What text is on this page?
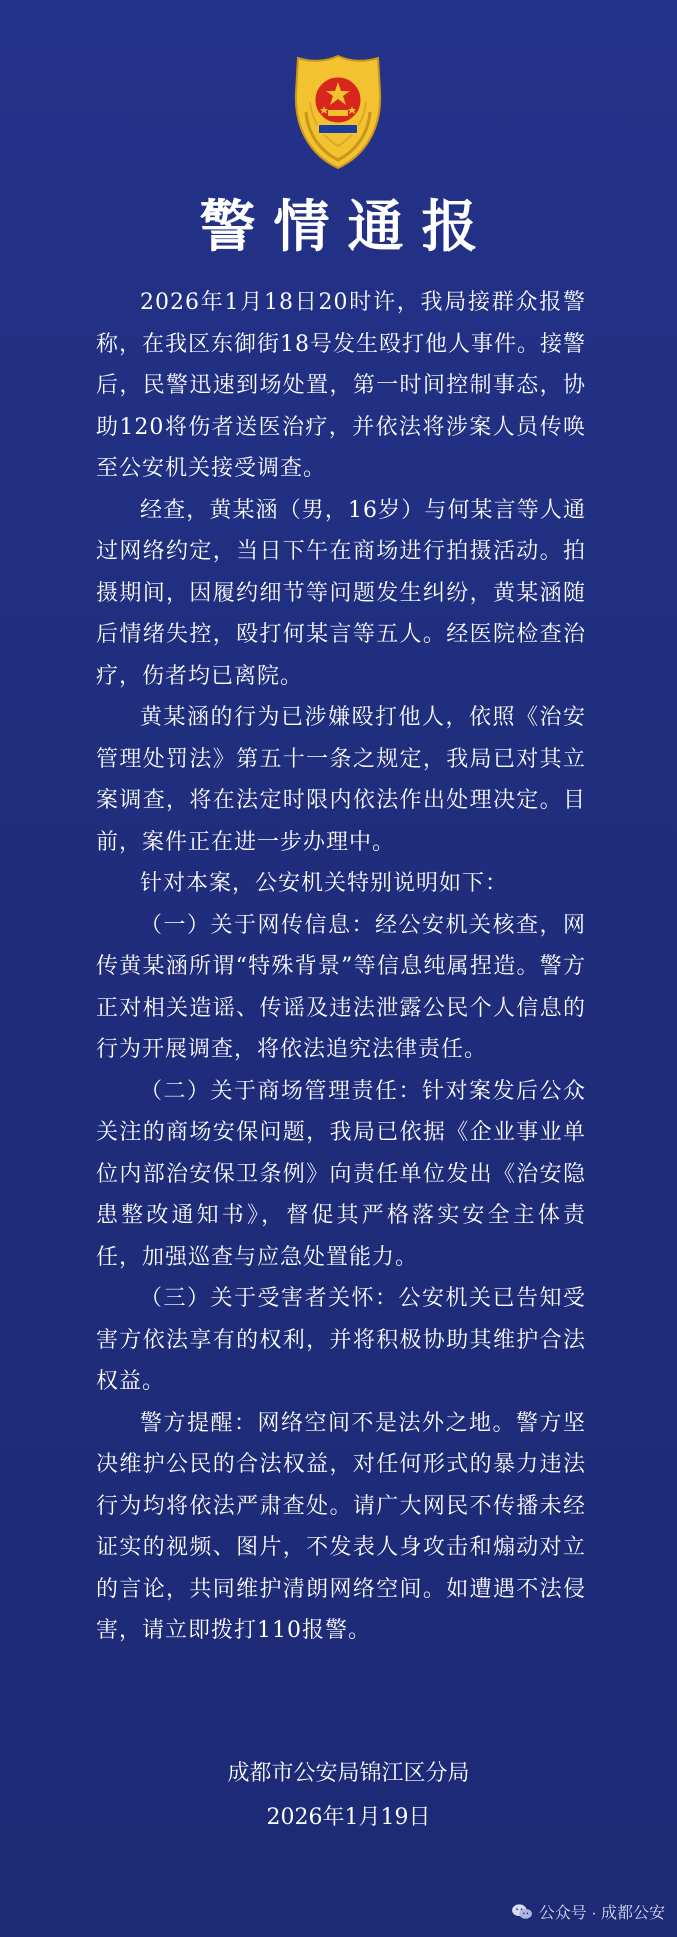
警情通报

2026年1月18日20时许，我局接群众报警称，在我区东御街18号发生殴打他人事件。接警后，民警迅速到场处置，第一时间控制事态，协助120将伤者送医治疗，并依法将涉案人员传唤至公安机关接受调查。

经查，黄某涵（男，16岁）与何某言等人通过网络约定，当日下午在商场进行拍摄活动。拍摄期间，因履约细节等问题发生纠纷，黄某涵随后情绪失控，殴打何某言等五人。经医院检查治疗，伤者均已离院。

黄某涵的行为已涉嫌殴打他人，依照《治安管理处罚法》第五十一条之规定，我局已对其立案调查，将在法定时限内依法作出处理决定。目前，案件正在进一步办理中。

针对本案，公安机关特别说明如下：

（一）关于网传信息：经公安机关核查，网传黄某涵所谓“特殊背景”等信息纯属捏造。警方正对相关造谣、传谣及违法泄露公民个人信息的行为开展调查，将依法追究法律责任。

（二）关于商场管理责任：针对案发后公众关注的商场安保问题，我局已依据《企业事业单位内部治安保卫条例》向责任单位发出《治安隐患整改通知书》，督促其严格落实安全主体责任，加强巡查与应急处置能力。

（三）关于受害者关怀：公安机关已告知受害方依法享有的权利，并将积极协助其维护合法权益。

警方提醒：网络空间不是法外之地。警方坚决维护公民的合法权益，对任何形式的暴力违法行为均将依法严肃查处。请广大网民不传播未经证实的视频、图片，不发表人身攻击和煽动对立的言论，共同维护清朗网络空间。如遭遇不法侵害，请立即拨打110报警。

成都市公安局锦江区分局
2026年1月19日
公众号 · 成都公安
